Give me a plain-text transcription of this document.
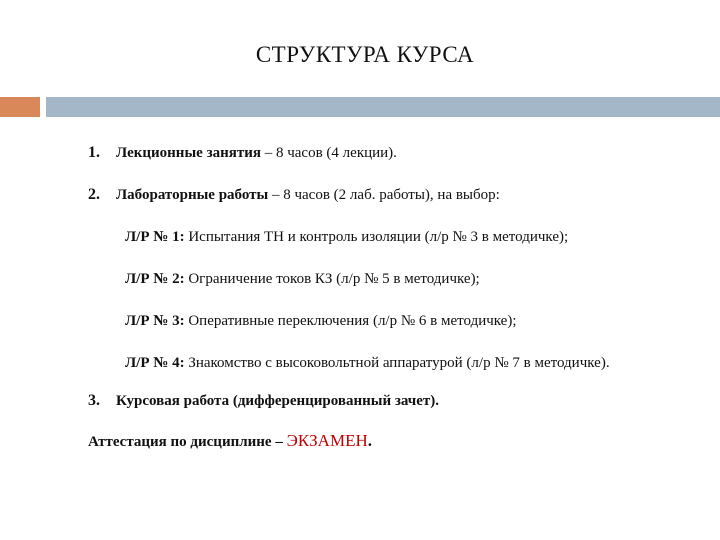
СТРУКТУРА КУРСА
1.	Лекционные занятия – 8 часов (4 лекции).
2.	Лабораторные работы – 8 часов (2 лаб. работы), на выбор:
Л/Р № 1: Испытания ТН и контроль изоляции (л/р № 3 в методичке);
Л/Р № 2: Ограничение токов КЗ (л/р № 5 в методичке);
Л/Р № 3: Оперативные переключения (л/р № 6 в методичке);
Л/Р № 4: Знакомство с высоковольтной аппаратурой (л/р № 7 в методичке).
3.	Курсовая работа (дифференцированный зачет).
Аттестация по дисциплине – ЭКЗАМЕН.
